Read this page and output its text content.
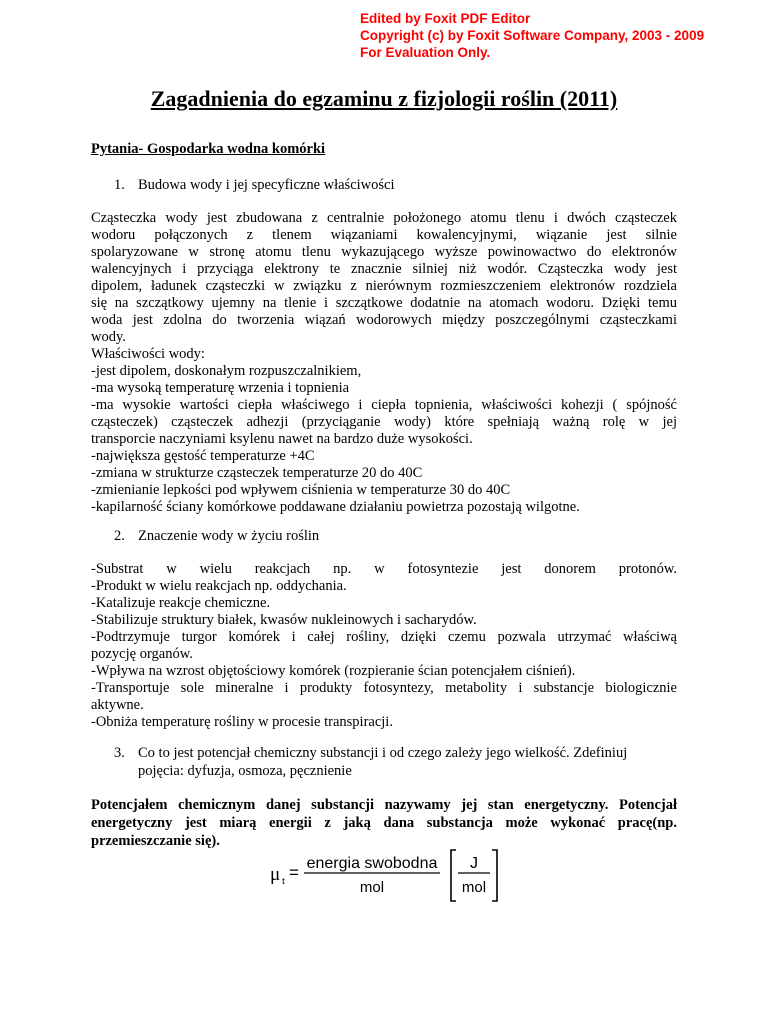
Edited by Foxit PDF Editor
Copyright (c) by Foxit Software Company, 2003 - 2009
For Evaluation Only.
Zagadnienia do egzaminu z fizjologii roślin (2011)
Pytania- Gospodarka wodna komórki
1. Budowa wody i jej specyficzne właściwości
Cząsteczka wody jest zbudowana z centralnie położonego atomu tlenu i dwóch cząsteczek
wodoru połączonych z tlenem wiązaniami kowalencyjnymi, wiązanie jest silnie
spolaryzowane w stronę atomu tlenu wykazującego wyższe powinowactwo do elektronów
walencyjnych i przyciąga elektrony te znacznie silniej niż wodór. Cząsteczka wody jest
dipolem, ładunek cząsteczki w związku z nierównym rozmieszczeniem elektronów rozdziela
się na szczątkowy ujemny na tlenie i szczątkowe dodatnie na atomach wodoru. Dzięki temu
woda jest zdolna do tworzenia wiązań wodorowych między poszczególnymi cząsteczkami
wody.
Właściwości wody:
-jest dipolem, doskonałym rozpuszczalnikiem,
-ma wysoką temperaturę wrzenia i topnienia
-ma wysokie wartości ciepła właściwego i ciepła topnienia, właściwości kohezji ( spójność
cząsteczek) cząsteczek adhezji (przyciąganie wody) które spełniają ważną rolę w jej
transporcie naczyniami ksylenu nawet na bardzo duże wysokości.
-największa gęstość temperaturze +4C
-zmiana w strukturze cząsteczek temperaturze 20 do 40C
-zmienianie lepkości pod wpływem ciśnienia w temperaturze 30 do 40C
-kapilarność ściany komórkowe poddawane działaniu powietrza pozostają wilgotne.
2. Znaczenie wody w życiu roślin
-Substrat w wielu reakcjach np. w fotosyntezie jest donorem protonów.
-Produkt w wielu reakcjach np. oddychania.
-Katalizuje reakcje chemiczne.
-Stabilizuje struktury białek, kwasów nukleinowych i sacharydów.
-Podtrzymuje turgor komórek i całej rośliny, dzięki czemu pozwala utrzymać właściwą
pozycję organów.
-Wpływa na wzrost objętościowy komórek (rozpieranie ścian potencjałem ciśnień).
-Transportuje sole mineralne i produkty fotosyntezy, metabolity i substancje biologicznie
aktywne.
-Obniża temperaturę rośliny w procesie transpiracji.
3. Co to jest potencjał chemiczny substancji i od czego zależy jego wielkość. Zdefiniuj
pojęcia: dyfuzja, osmoza, pęcznienie
Potencjałem chemicznym danej substancji nazywamy jej stan energetyczny. Potencjał
energetyczny jest miarą energii z jaką dana substancja może wykonać pracę(np.
przemieszczanie się).
μ t = energia swobodna
mol
J
mol
